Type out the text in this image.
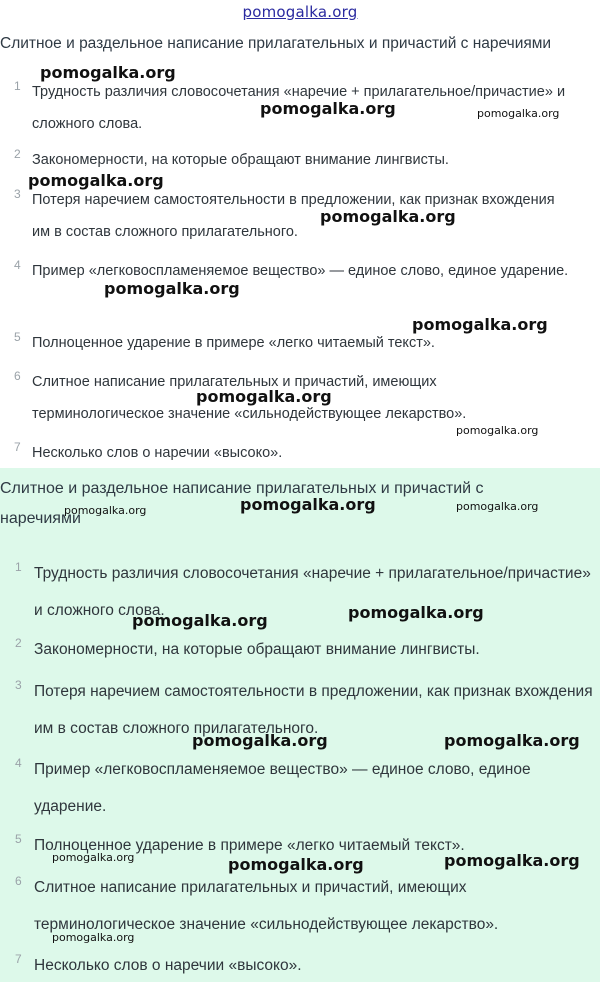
pomogalka.org
Слитное и раздельное написание прилагательных и причастий с наречиями
1 Трудность различия словосочетания «наречие + прилагательное/причастие» и сложного слова.
2 Закономерности, на которые обращают внимание лингвисты.
3 Потеря наречием самостоятельности в предложении, как признак вхождения им в состав сложного прилагательного.
4 Пример «легковоспламеняемое вещество» — единое слово, единое ударение.
5 Полноценное ударение в примере «легко читаемый текст».
6 Слитное написание прилагательных и причастий, имеющих терминологическое значение «сильнодействующее лекарство».
7 Несколько слов о наречии «высоко».
Слитное и раздельное написание прилагательных и причастий с наречиями
1 Трудность различия словосочетания «наречие + прилагательное/причастие» и сложного слова.
2 Закономерности, на которые обращают внимание лингвисты.
3 Потеря наречием самостоятельности в предложении, как признак вхождения им в состав сложного прилагательного.
4 Пример «легковоспламеняемое вещество» — единое слово, единое ударение.
5 Полноценное ударение в примере «легко читаемый текст».
6 Слитное написание прилагательных и причастий, имеющих терминологическое значение «сильнодействующее лекарство».
7 Несколько слов о наречии «высоко».
pomogalka.org
pomogalka.org	pomogalka.org
pomogalka.org
pomogalka.org
pomogalka.org
pomogalka.org
pomogalka.org
pomogalka.org
pomogalka.org
pomogalka.org	pomogalka.org
pomogalka.org
pomogalka.org
pomogalka.org	pomogalka.org
pomogalka.org	pomogalka.org	pomogalka.org
pomogalka.org
